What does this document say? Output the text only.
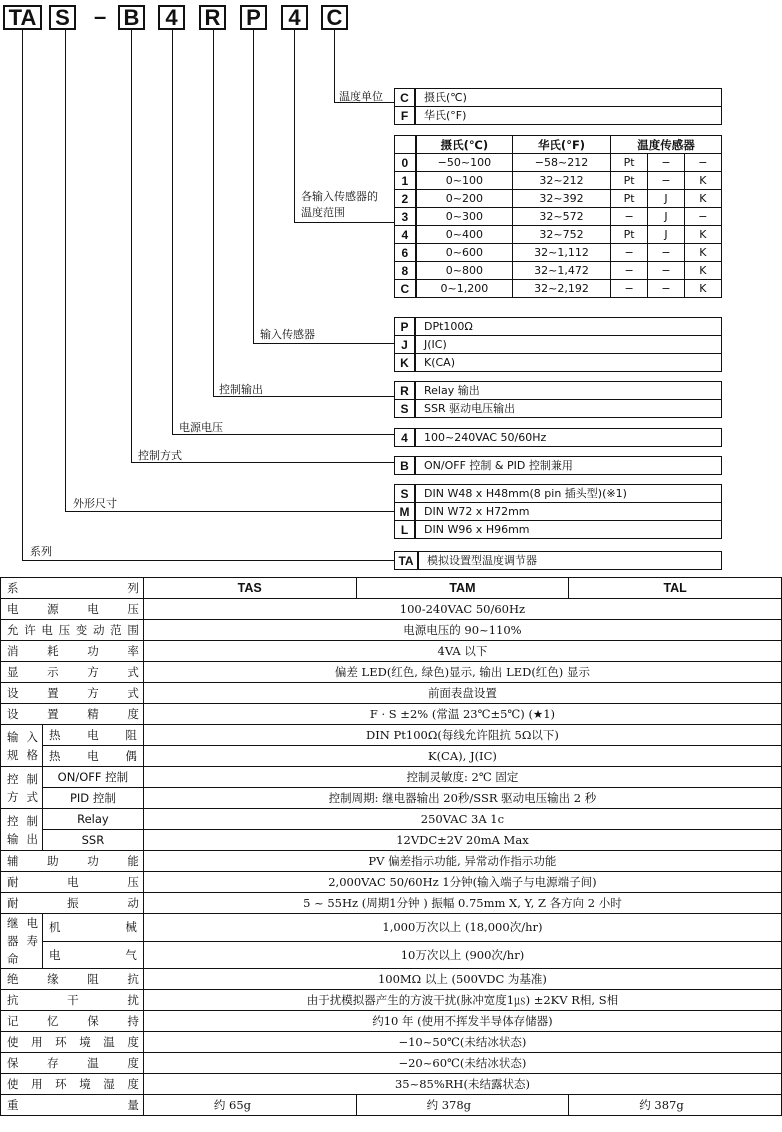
TA S – B	4	R P	4	C
温度单位
各输入传感器的
温度范围
输入传感器
控制输出
电源电压
控制方式
外形尺寸
系列
C	摄氏(℃)
F	华氏(°F)
	摄氏(℃)	华氏(°F)	温度传感器		
0	−50~100	−58~212	Pt	−	−
1	0~100	32~212	Pt	−	K
2	0~200	32~392	Pt	J	K
3	0~300	32~572	−	J	−
4	0~400	32~752	Pt	J	K
6	0~600	32~1,112	−	−	K
8	0~800	32~1,472	−	−	K
C	0~1,200	32~2,192	−	−	K
P	DPt100Ω
J	J(IC)
K	K(CA)
R	Relay 输出
S	SSR 驱动电压输出
4	100~240VAC 50/60Hz
B	ON/OFF 控制 & PID 控制兼用
S	DIN W48 x H48mm(8 pin 插头型)(※1)
M	DIN W72 x H72mm
L	DIN W96 x H96mm
TA	模拟设置型温度调节器
系列		TAS	TAM	TAL
电源电压		100-240VAC 50/60Hz		
允许电压变动范围		电源电压的 90~110%		
消耗功率		4VA 以下		
显示方式		偏差 LED(红色, 绿色)显示, 输出 LED(红色) 显示		
设置方式		前面表盘设置		
设置精度		F · S ±2% (常温 23℃±5℃) (★1)		
输入规格	热电阻	DIN Pt100Ω(每线允许阻抗 5Ω以下)		
	热电偶	K(CA), J(IC)		
控制方式	ON/OFF 控制	控制灵敏度: 2℃ 固定		
	PID 控制	控制周期: 继电器输出 20秒/SSR 驱动电压输出 2 秒		
控制输出	Relay	250VAC 3A 1c		
	SSR	12VDC±2V 20mA Max		
辅助功能		PV 偏差指示功能, 异常动作指示功能		
耐电压		2,000VAC 50/60Hz 1分钟(输入端子与电源端子间)		
耐振动		5 ~ 55Hz (周期1分钟 ) 振幅 0.75mm X, Y, Z 各方向 2 小时		
继电器寿命	机械	1,000万次以上 (18,000次/hr)		
	电气	10万次以上 (900次/hr)		
绝缘阻抗		100MΩ 以上 (500VDC 为基准)		
抗干扰		由于扰模拟器产生的方波干扰(脉冲宽度1㎲) ±2KV R相, S相		
记忆保持		约10 年 (使用不挥发半导体存储器)		
使用环境温度		−10~50℃(未结冰状态)		
保存温度		−20~60℃(未结冰状态)		
使用环境湿度		35~85%RH(未结露状态)		
重量		约 65g	约 378g	约 387g
